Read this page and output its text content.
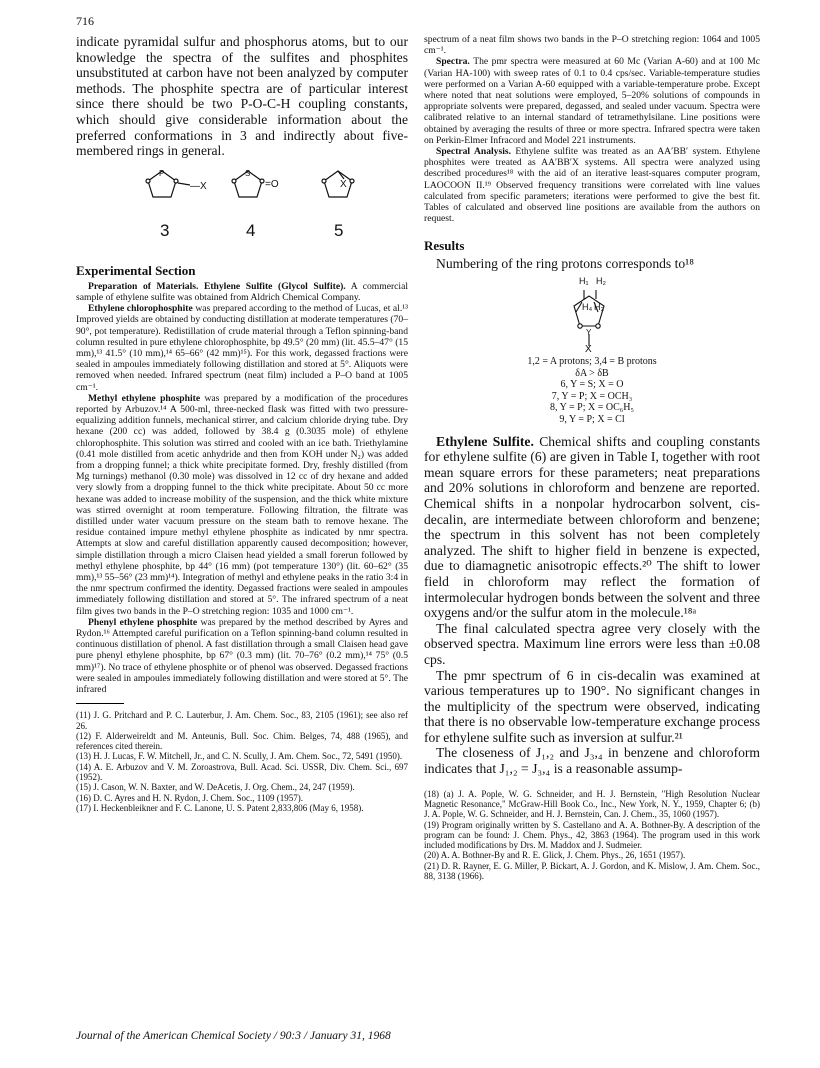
716

indicate pyramidal sulfur and phosphorus atoms, but to our knowledge the spectra of the sulfites and phosphites unsubstituted at carbon have not been analyzed by computer methods. The phosphite spectra are of particular interest since there should be two P-O-C-H coupling constants, which should give considerable information about the preferred conformations in 3 and indirectly about five-membered rings in general.

P
—X
S
=O	X
3	4	5
Experimental Section

Preparation of Materials. Ethylene Sulfite (Glycol Sulfite). A commercial sample of ethylene sulfite was obtained from Aldrich Chemical Company.

Ethylene chlorophosphite was prepared according to the method of Lucas, et al.¹³ Improved yields are obtained by conducting distillation at moderate temperatures (70–90°, pot temperature). Redistillation of crude material through a Teflon spinning-band column resulted in pure ethylene chlorophosphite, bp 49.5° (20 mm) (lit. 45.5–47° (15 mm),¹³ 41.5° (10 mm),¹⁴ 65–66° (42 mm)¹⁵). For this work, degassed fractions were sealed in ampoules immediately following distillation and stored at 5°. Aliquots were removed when needed. Infrared spectrum (neat film) included a P–O band at 1005 cm⁻¹.

Methyl ethylene phosphite was prepared by a modification of the procedures reported by Arbuzov.¹⁴ A 500-ml, three-necked flask was fitted with two pressure-equalizing addition funnels, mechanical stirrer, and calcium chloride drying tube. Dry hexane (200 cc) was added, followed by 38.4 g (0.3035 mole) of ethylene chlorophosphite. This solution was stirred and cooled with an ice bath. Triethylamine (0.41 mole distilled from acetic anhydride and then from KOH under N₂) was added from a dropping funnel; a thick white precipitate formed. Dry, freshly distilled (from Mg turnings) methanol (0.30 mole) was dissolved in 12 cc of dry hexane and added very slowly from a dropping funnel to the thick white precipitate. About 50 cc more hexane was added to increase mobility of the suspension, and the thick white mixture was stirred overnight at room temperature. Following filtration, the filtrate was distilled under water vacuum pressure on the steam bath to remove hexane. The residue contained impure methyl ethylene phosphite as indicated by nmr spectra. Attempts at slow and careful distillation apparently caused decomposition; however, simple distillation through a micro Claisen head yielded a small forerun followed by methyl ethylene phosphite, bp 44° (16 mm) (pot temperature 130°) (lit. 60–62° (35 mm),¹³ 55–56° (23 mm)¹⁴). Integration of methyl and ethylene peaks in the ratio 3:4 in the nmr spectrum confirmed the identity. Degassed fractions were sealed in ampoules immediately following distillation and stored at 5°. The infrared spectrum of a neat film gives two bands in the P–O stretching region: 1035 and 1000 cm⁻¹.

Phenyl ethylene phosphite was prepared by the method described by Ayres and Rydon.¹⁶ Attempted careful purification on a Teflon spinning-band column resulted in continuous distillation of phenol. A fast distillation through a small Claisen head gave pure phenyl ethylene phosphite, bp 67° (0.3 mm) (lit. 70–76° (0.2 mm),¹⁴ 75° (0.5 mm)¹⁷). No trace of ethylene phosphite or of phenol was observed. Degassed fractions were sealed in ampoules immediately following distillation and were stored at 5°. The infrared

(11) J. G. Pritchard and P. C. Lauterbur, J. Am. Chem. Soc., 83, 2105 (1961); see also ref 26.

(12) F. Alderweireldt and M. Anteunis, Bull. Soc. Chim. Belges, 74, 488 (1965), and references cited therein.

(13) H. J. Lucas, F. W. Mitchell, Jr., and C. N. Scully, J. Am. Chem. Soc., 72, 5491 (1950).

(14) A. E. Arbuzov and V. M. Zoroastrova, Bull. Acad. Sci. USSR, Div. Chem. Sci., 697 (1952).

(15) J. Cason, W. N. Baxter, and W. DeAcetis, J. Org. Chem., 24, 247 (1959).

(16) D. C. Ayres and H. N. Rydon, J. Chem. Soc., 1109 (1957).

(17) I. Heckenbleikner and F. C. Lanone, U. S. Patent 2,833,806 (May 6, 1958).

spectrum of a neat film shows two bands in the P–O stretching region: 1064 and 1005 cm⁻¹.

Spectra. The pmr spectra were measured at 60 Mc (Varian A-60) and at 100 Mc (Varian HA-100) with sweep rates of 0.1 to 0.4 cps/sec. Variable-temperature studies were performed on a Varian A-60 equipped with a variable-temperature probe. Except where noted that neat solutions were employed, 5–20% solutions of compounds in appropriate solvents were prepared, degassed, and sealed under vacuum. Spectra were calibrated relative to an internal standard of tetramethylsilane. Line positions were obtained by averaging the results of three or more spectra. Infrared spectra were taken on Perkin-Elmer Infracord and Model 221 instruments.

Spectral Analysis. Ethylene sulfite was treated as an AA′BB′ system. Ethylene phosphites were treated as AA′BB′X systems. All spectra were analyzed using described procedures¹⁸ with the aid of an iterative least-squares computer program, LAOCOON II.¹⁹ Observed frequency transitions were correlated with line values calculated from specific parameters; iterations were performed to give the best fit. Tables of calculated and observed line positions are available from the authors on request.

Results

Numbering of the ring protons corresponds to¹⁸

H₁ H₂
H₄ H₃
Y
X
1,2 = A protons; 3,4 = B protons
δA > δB
6, Y = S; X = O
7, Y = P; X = OCH₃
8, Y = P; X = OC₆H₅
9, Y = P; X = Cl

Ethylene Sulfite. Chemical shifts and coupling constants for ethylene sulfite (6) are given in Table I, together with root mean square errors for these parameters; neat preparations and 20% solutions in chloroform and benzene are reported. Chemical shifts in a nonpolar hydrocarbon solvent, cis-decalin, are intermediate between chloroform and benzene; the spectrum in this solvent has not been completely analyzed. The shift to higher field in benzene is expected, due to diamagnetic anisotropic effects.²⁰ The shift to lower field in chloroform may reflect the formation of intermolecular hydrogen bonds between the solvent and three oxygens and/or the sulfur atom in the molecule.¹⁸ᵃ

The final calculated spectra agree very closely with the observed spectra. Maximum line errors were less than ±0.08 cps.

The pmr spectrum of 6 in cis-decalin was examined at various temperatures up to 190°. No significant changes in the multiplicity of the spectrum were observed, indicating that there is no observable low-temperature exchange process for ethylene sulfite such as inversion at sulfur.²¹

The closeness of J₁,₂ and J₃,₄ in benzene and chloroform indicates that J₁,₂ = J₃,₄ is a reasonable assump-

(18) (a) J. A. Pople, W. G. Schneider, and H. J. Bernstein, "High Resolution Nuclear Magnetic Resonance," McGraw-Hill Book Co., Inc., New York, N. Y., 1959, Chapter 6; (b) J. A. Pople, W. G. Schneider, and H. J. Bernstein, Can. J. Chem., 35, 1060 (1957).

(19) Program originally written by S. Castellano and A. A. Bothner-By. A description of the program can be found: J. Chem. Phys., 42, 3863 (1964). The program used in this work included modifications by Drs. M. Maddox and J. Sudmeier.

(20) A. A. Bothner-By and R. E. Glick, J. Chem. Phys., 26, 1651 (1957).

(21) D. R. Rayner, E. G. Miller, P. Bickart, A. J. Gordon, and K. Mislow, J. Am. Chem. Soc., 88, 3138 (1966).

Journal of the American Chemical Society / 90:3 / January 31, 1968
